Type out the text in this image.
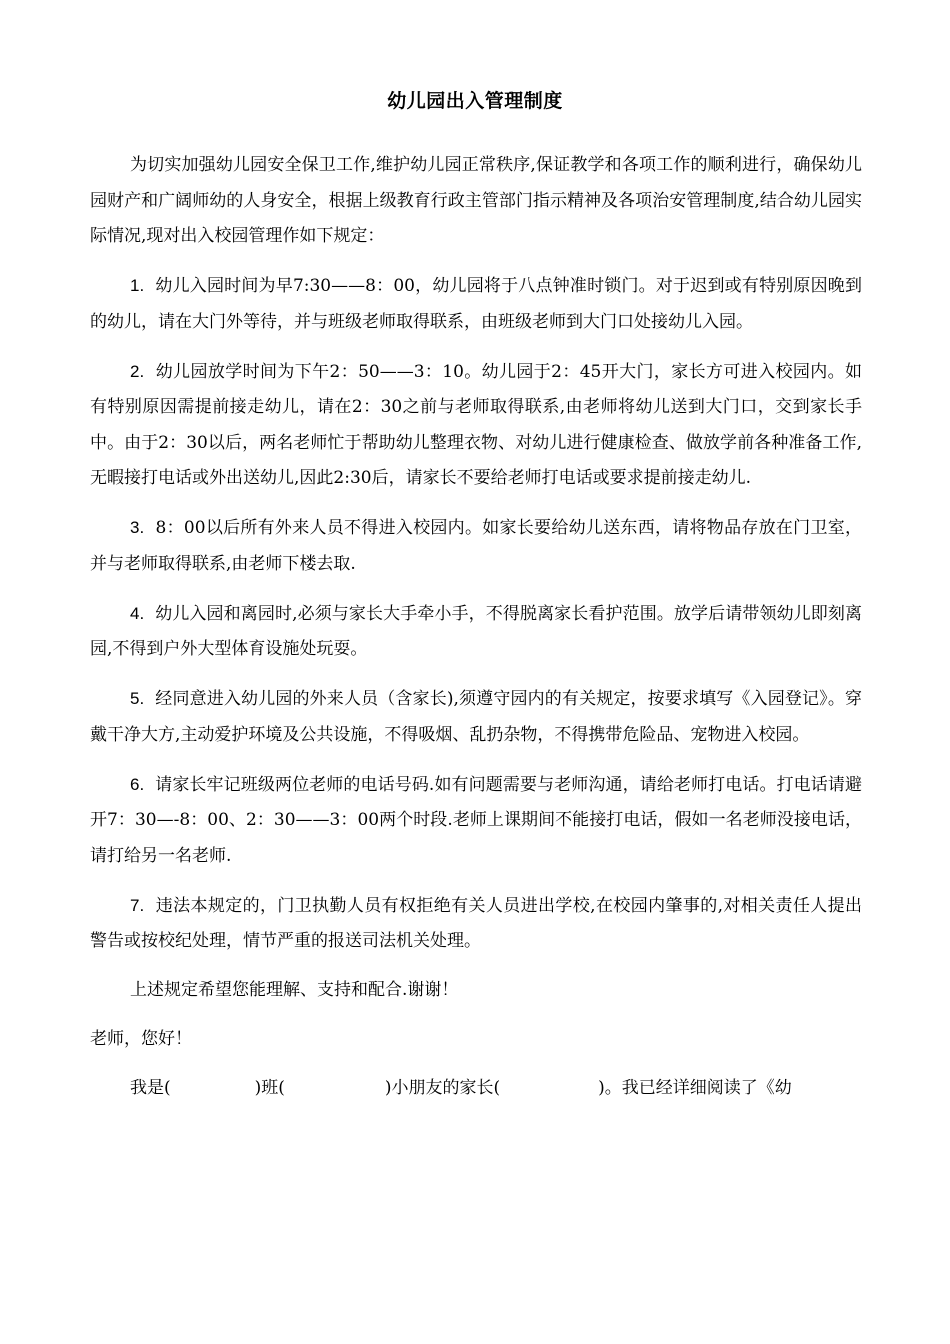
幼儿园出入管理制度

为切实加强幼儿园安全保卫工作,维护幼儿园正常秩序,保证教学和各项工作的顺利进行，确保幼儿园财产和广阔师幼的人身安全，根据上级教育行政主管部门指示精神及各项治安管理制度,结合幼儿园实际情况,现对出入校园管理作如下规定：

1. 幼儿入园时间为早7:30——8：00，幼儿园将于八点钟准时锁门。对于迟到或有特别原因晚到的幼儿，请在大门外等待，并与班级老师取得联系，由班级老师到大门口处接幼儿入园。

2. 幼儿园放学时间为下午2：50——3：10。幼儿园于2：45开大门，家长方可进入校园内。如有特别原因需提前接走幼儿，请在2：30之前与老师取得联系,由老师将幼儿送到大门口，交到家长手中。由于2：30以后，两名老师忙于帮助幼儿整理衣物、对幼儿进行健康检查、做放学前各种准备工作,无暇接打电话或外出送幼儿,因此2:30后，请家长不要给老师打电话或要求提前接走幼儿.

3. 8：00以后所有外来人员不得进入校园内。如家长要给幼儿送东西，请将物品存放在门卫室，并与老师取得联系,由老师下楼去取.

4. 幼儿入园和离园时,必须与家长大手牵小手，不得脱离家长看护范围。放学后请带领幼儿即刻离园,不得到户外大型体育设施处玩耍。

5. 经同意进入幼儿园的外来人员（含家长),须遵守园内的有关规定，按要求填写《入园登记》。穿戴干净大方,主动爱护环境及公共设施，不得吸烟、乱扔杂物，不得携带危险品、宠物进入校园。

6. 请家长牢记班级两位老师的电话号码.如有问题需要与老师沟通，请给老师打电话。打电话请避开7：30—-8：00、2：30——3：00两个时段.老师上课期间不能接打电话，假如一名老师没接电话，请打给另一名老师.

7. 违法本规定的，门卫执勤人员有权拒绝有关人员进出学校,在校园内肇事的,对相关责任人提出警告或按校纪处理，情节严重的报送司法机关处理。

上述规定希望您能理解、支持和配合.谢谢！

老师，您好！

我是(	)班(	)小朋友的家长(	)。我已经详细阅读了《幼
